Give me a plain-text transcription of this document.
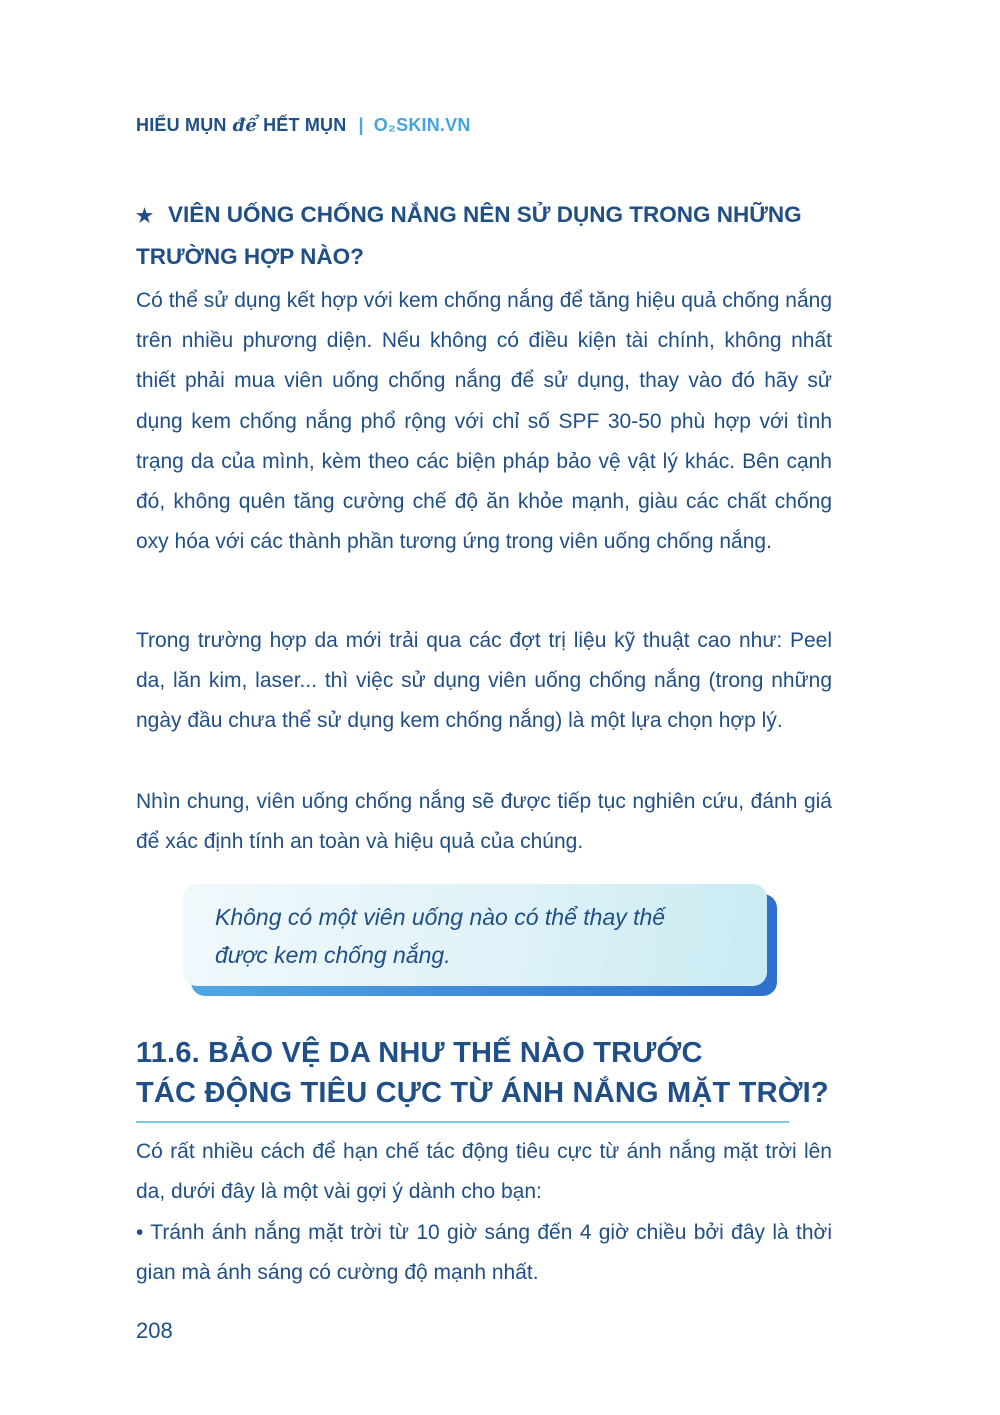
HIỂU MỤN để HẾT MỤN | O₂SKIN.VN
★ VIÊN UỐNG CHỐNG NẮNG NÊN SỬ DỤNG TRONG NHỮNG TRƯỜNG HỢP NÀO?

Có thể sử dụng kết hợp với kem chống nắng để tăng hiệu quả chống nắng trên nhiều phương diện. Nếu không có điều kiện tài chính, không nhất thiết phải mua viên uống chống nắng để sử dụng, thay vào đó hãy sử dụng kem chống nắng phổ rộng với chỉ số SPF 30-50 phù hợp với tình trạng da của mình, kèm theo các biện pháp bảo vệ vật lý khác. Bên cạnh đó, không quên tăng cường chế độ ăn khỏe mạnh, giàu các chất chống oxy hóa với các thành phần tương ứng trong viên uống chống nắng.

Trong trường hợp da mới trải qua các đợt trị liệu kỹ thuật cao như: Peel da, lăn kim, laser... thì việc sử dụng viên uống chống nắng (trong những ngày đầu chưa thể sử dụng kem chống nắng) là một lựa chọn hợp lý.

Nhìn chung, viên uống chống nắng sẽ được tiếp tục nghiên cứu, đánh giá để xác định tính an toàn và hiệu quả của chúng.

Không có một viên uống nào có thể thay thế
được kem chống nắng.
11.6. BẢO VỆ DA NHƯ THẾ NÀO TRƯỚC
TÁC ĐỘNG TIÊU CỰC TỪ ÁNH NẮNG MẶT TRỜI?

Có rất nhiều cách để hạn chế tác động tiêu cực từ ánh nắng mặt trời lên da, dưới đây là một vài gợi ý dành cho bạn:

• Tránh ánh nắng mặt trời từ 10 giờ sáng đến 4 giờ chiều bởi đây là thời gian mà ánh sáng có cường độ mạnh nhất.

208
